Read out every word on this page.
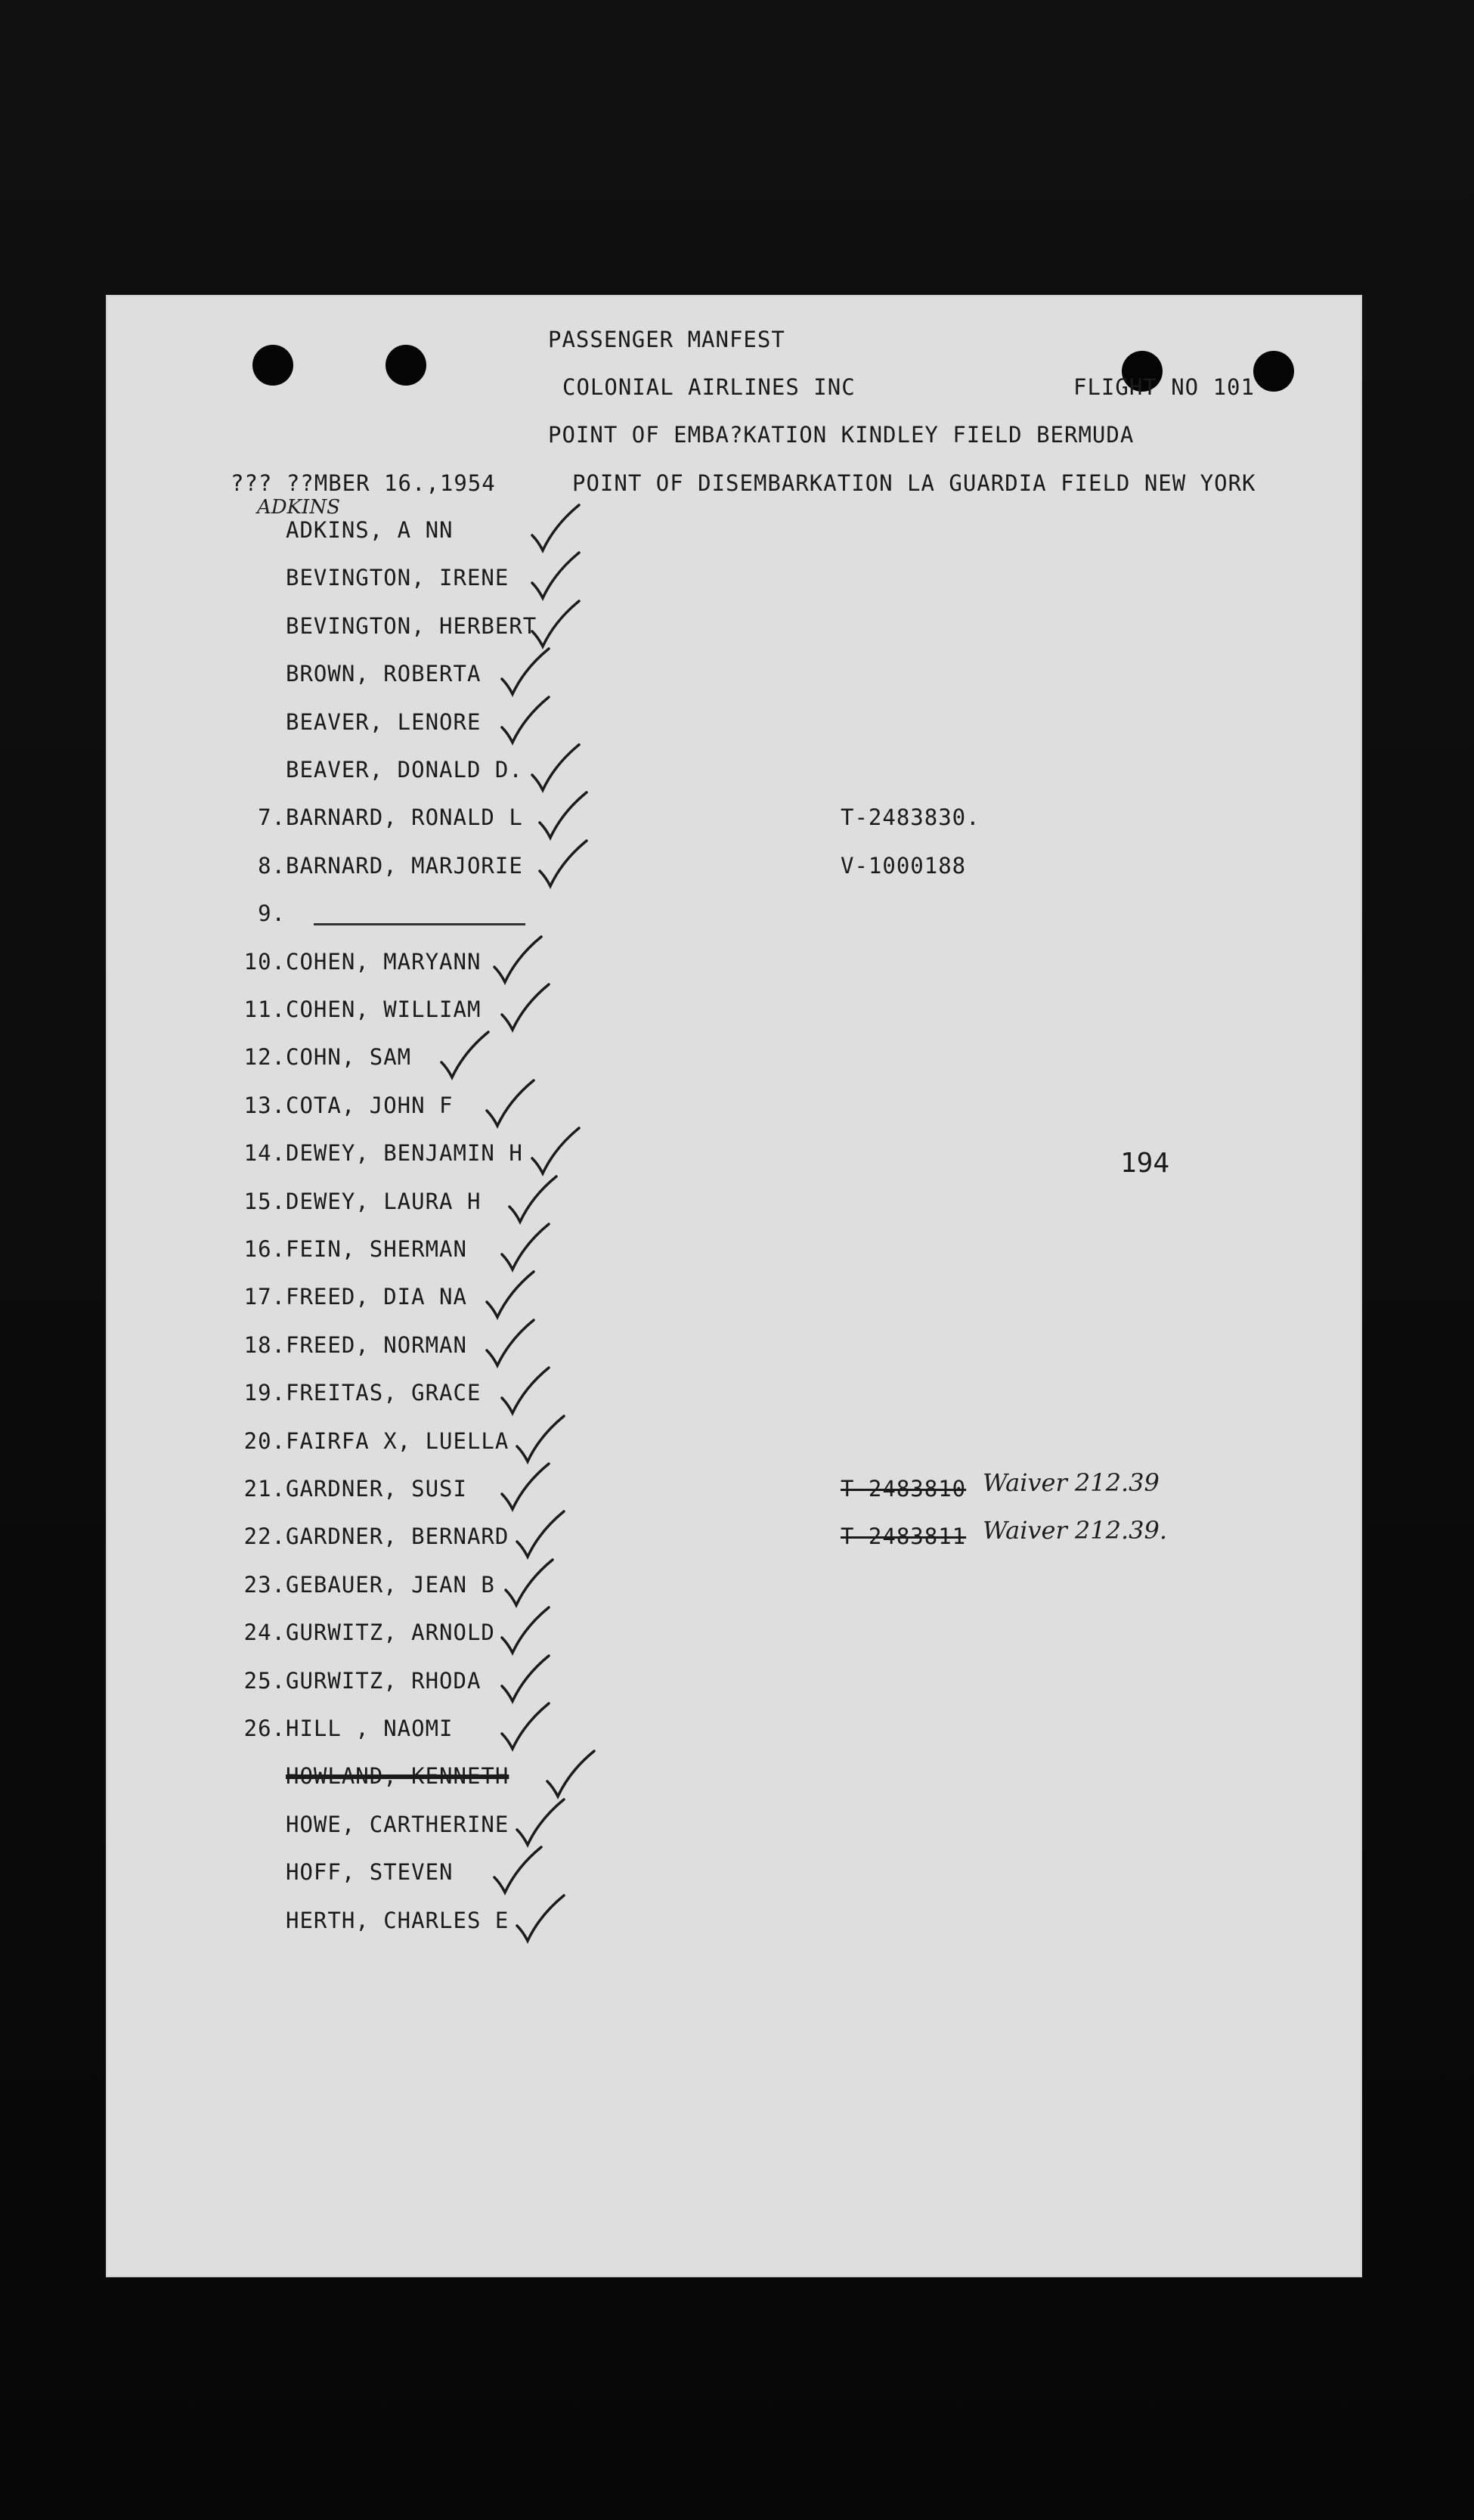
PASSENGER MANFEST
COLONIAL AIRLINES INC	FLIGHT NO 101
POINT OF EMBA?KATION KINDLEY FIELD BERMUDA
??? ??MBER 16.,1954	POINT OF DISEMBARKATION LA GUARDIA FIELD NEW YORK
ADKINS, A NN
ADKINS
BEVINGTON, IRENE
BEVINGTON, HERBERT
BROWN, ROBERTA
BEAVER, LENORE
BEAVER, DONALD D.
7. BARNARD, RONALD L	T-2483830.
8. BARNARD, MARJORIE	V-1000188
9.
10. COHEN, MARYANN
11. COHEN, WILLIAM
12. COHN, SAM
13. COTA, JOHN F
14. DEWEY, BENJAMIN H
15. DEWEY, LAURA H
16. FEIN, SHERMAN
17. FREED, DIA NA
18. FREED, NORMAN
19. FREITAS, GRACE
20. FAIRFA X, LUELLA
21. GARDNER, SUSI	T-2483810 Waiver 212.39
22. GARDNER, BERNARD	T-2483811 Waiver 212.39.
23. GEBAUER, JEAN B
24. GURWITZ, ARNOLD
25. GURWITZ, RHODA
26. HILL , NAOMI
HOWLAND, KENNETH
HOWE, CARTHERINE
HOFF, STEVEN
HERTH, CHARLES E
194
